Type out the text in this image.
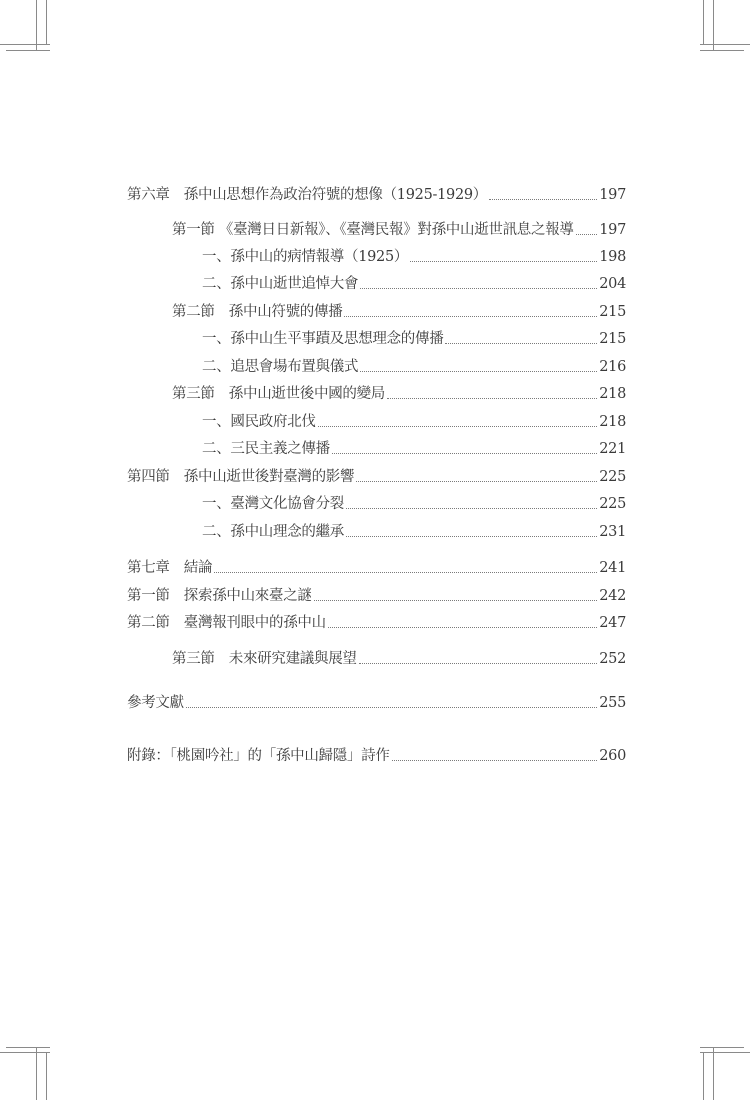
第六章　孫中山思想作為政治符號的想像（1925-1929）	197
第一節 《臺灣日日新報》、《臺灣民報》對孫中山逝世訊息之報導 197
一、孫中山的病情報導（1925）	198
二、孫中山逝世追悼大會	204
第二節　孫中山符號的傳播	215
一、孫中山生平事蹟及思想理念的傳播	215
二、追思會場布置與儀式	216
第三節　孫中山逝世後中國的變局	218
一、國民政府北伐	218
二、三民主義之傳播	221
第四節　孫中山逝世後對臺灣的影響	225
一、臺灣文化協會分裂	225
二、孫中山理念的繼承	231
第七章　結論	241
第一節　探索孫中山來臺之謎	242
第二節　臺灣報刊眼中的孫中山	247
第三節　未來研究建議與展望	252
參考文獻	255
附錄：「桃園吟社」的「孫中山歸隱」詩作	260
